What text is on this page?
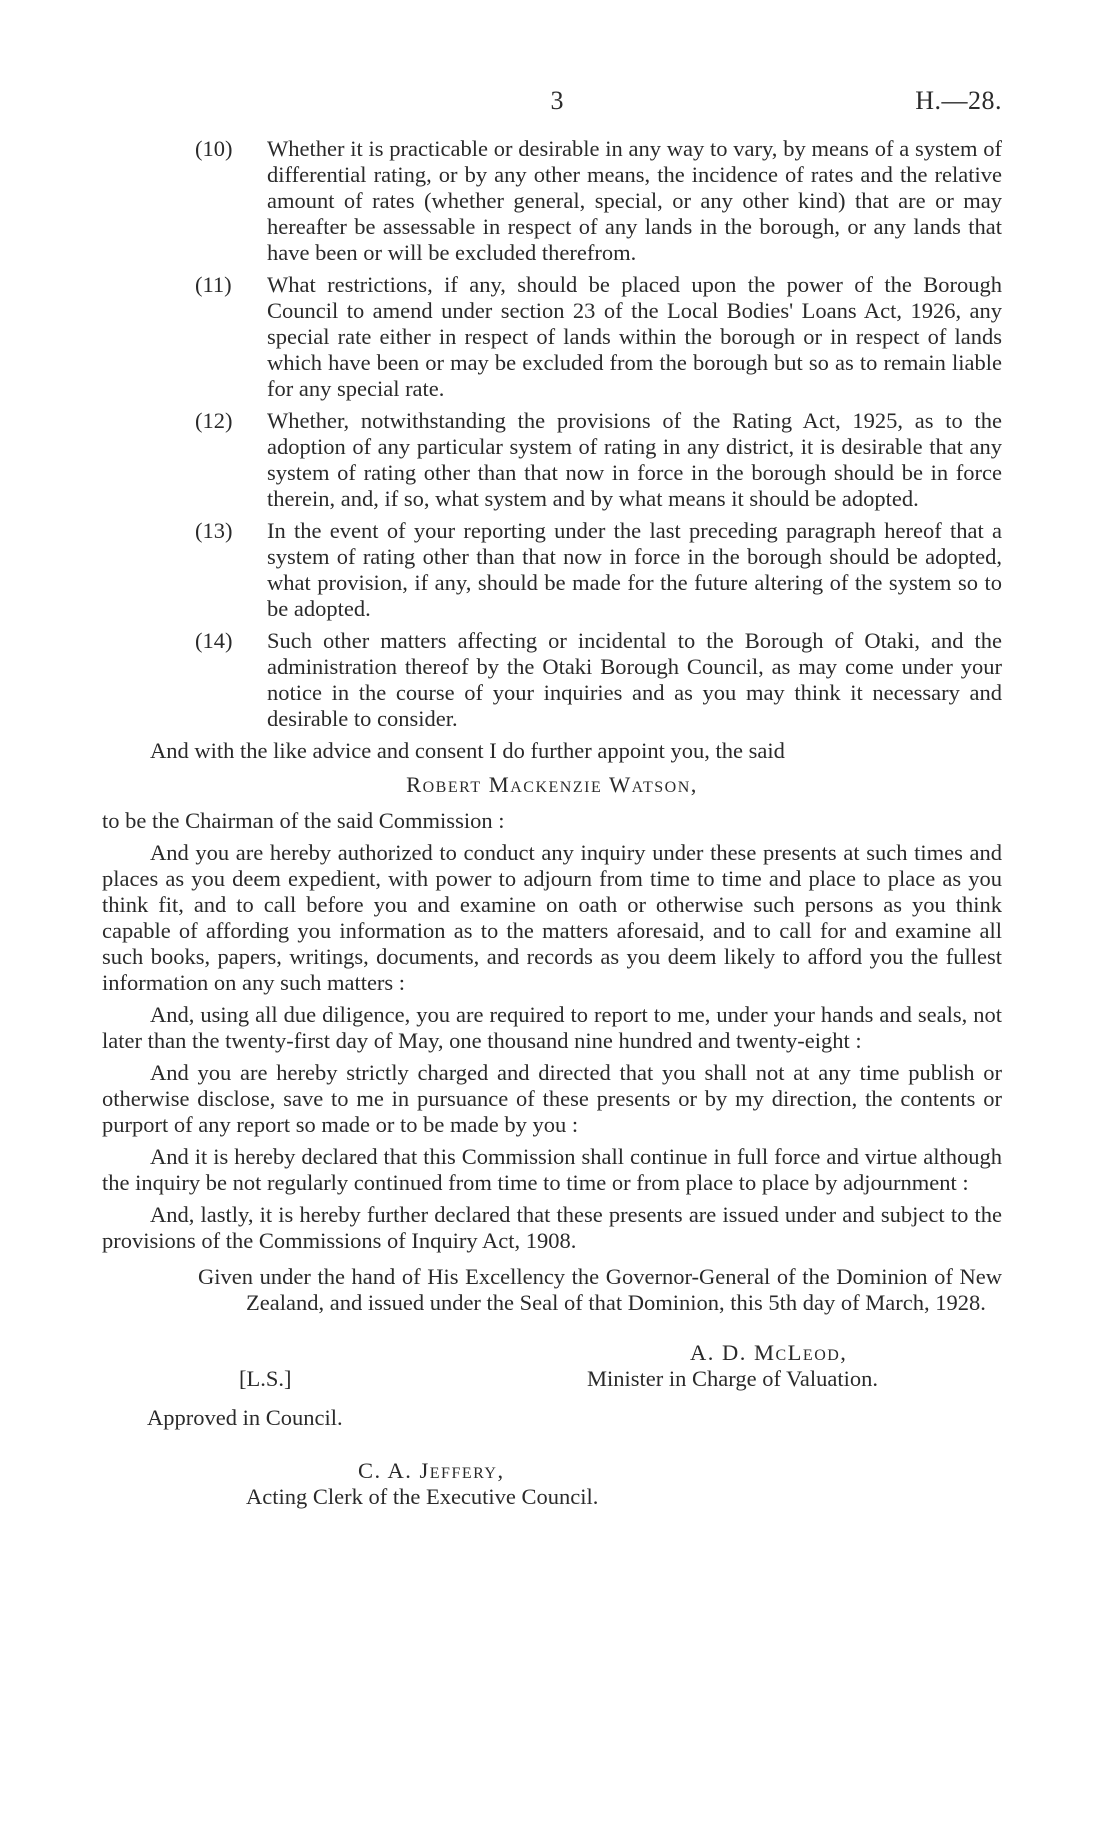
3	H.—28.
(10) Whether it is practicable or desirable in any way to vary, by means of a system of differential rating, or by any other means, the incidence of rates and the relative amount of rates (whether general, special, or any other kind) that are or may hereafter be assessable in respect of any lands in the borough, or any lands that have been or will be excluded therefrom.
(11) What restrictions, if any, should be placed upon the power of the Borough Council to amend under section 23 of the Local Bodies' Loans Act, 1926, any special rate either in respect of lands within the borough or in respect of lands which have been or may be excluded from the borough but so as to remain liable for any special rate.
(12) Whether, notwithstanding the provisions of the Rating Act, 1925, as to the adoption of any particular system of rating in any district, it is desirable that any system of rating other than that now in force in the borough should be in force therein, and, if so, what system and by what means it should be adopted.
(13) In the event of your reporting under the last preceding paragraph hereof that a system of rating other than that now in force in the borough should be adopted, what provision, if any, should be made for the future altering of the system so to be adopted.
(14) Such other matters affecting or incidental to the Borough of Otaki, and the administration thereof by the Otaki Borough Council, as may come under your notice in the course of your inquiries and as you may think it necessary and desirable to consider.

And with the like advice and consent I do further appoint you, the said

Robert Mackenzie Watson,

to be the Chairman of the said Commission :

And you are hereby authorized to conduct any inquiry under these presents at such times and places as you deem expedient, with power to adjourn from time to time and place to place as you think fit, and to call before you and examine on oath or otherwise such persons as you think capable of affording you information as to the matters aforesaid, and to call for and examine all such books, papers, writings, documents, and records as you deem likely to afford you the fullest information on any such matters :

And, using all due diligence, you are required to report to me, under your hands and seals, not later than the twenty-first day of May, one thousand nine hundred and twenty-eight :

And you are hereby strictly charged and directed that you shall not at any time publish or otherwise disclose, save to me in pursuance of these presents or by my direction, the contents or purport of any report so made or to be made by you :

And it is hereby declared that this Commission shall continue in full force and virtue although the inquiry be not regularly continued from time to time or from place to place by adjournment :

And, lastly, it is hereby further declared that these presents are issued under and subject to the provisions of the Commissions of Inquiry Act, 1908.

Given under the hand of His Excellency the Governor-General of the Dominion of New Zealand, and issued under the Seal of that Dominion, this 5th day of March, 1928.

A. D. McLeod,
Minister in Charge of Valuation.
[L.S.]
Approved in Council.
C. A. Jeffery,
Acting Clerk of the Executive Council.
